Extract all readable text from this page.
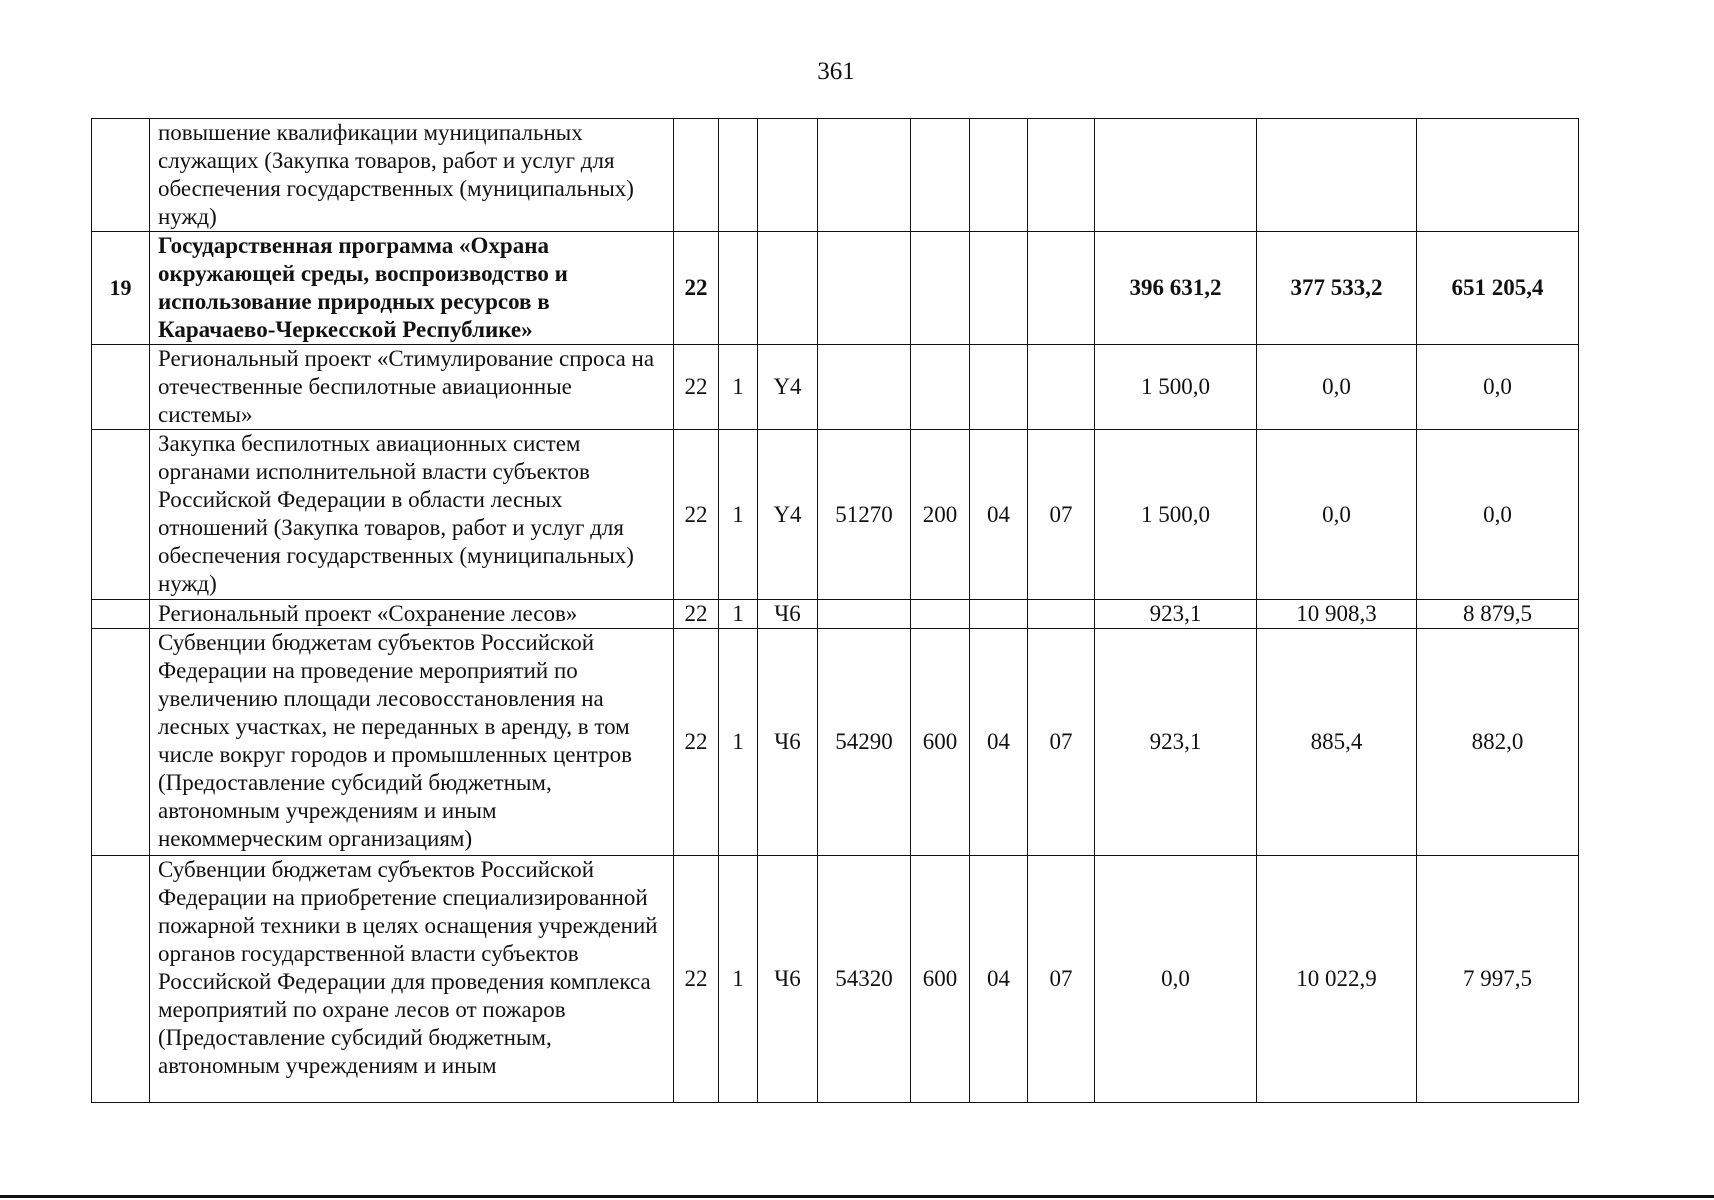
361
	повышение квалификации муниципальных служащих (Закупка товаров, работ и услуг для обеспечения государственных (муниципальных) нужд)										
19	Государственная программа «Охрана окружающей среды, воспроизводство и использование природных ресурсов в Карачаево-Черкесской Республике»	22							396 631,2	377 533,2	651 205,4
	Региональный проект «Стимулирование спроса на отечественные беспилотные авиационные системы»	22	1	Y4					1 500,0	0,0	0,0
	Закупка беспилотных авиационных систем органами исполнительной власти субъектов Российской Федерации в области лесных отношений (Закупка товаров, работ и услуг для обеспечения государственных (муниципальных) нужд)	22	1	Y4	51270	200	04	07	1 500,0	0,0	0,0
	Региональный проект «Сохранение лесов»	22	1	Ч6					923,1	10 908,3	8 879,5
	Субвенции бюджетам субъектов Российской Федерации на проведение мероприятий по увеличению площади лесовосстановления на лесных участках, не переданных в аренду, в том числе вокруг городов и промышленных центров (Предоставление субсидий бюджетным, автономным учреждениям и иным некоммерческим организациям)	22	1	Ч6	54290	600	04	07	923,1	885,4	882,0
	Субвенции бюджетам субъектов Российской Федерации на приобретение специализированной пожарной техники в целях оснащения учреждений органов государственной власти субъектов Российской Федерации для проведения комплекса мероприятий по охране лесов от пожаров (Предоставление субсидий бюджетным, автономным учреждениям и иным	22	1	Ч6	54320	600	04	07	0,0	10 022,9	7 997,5
